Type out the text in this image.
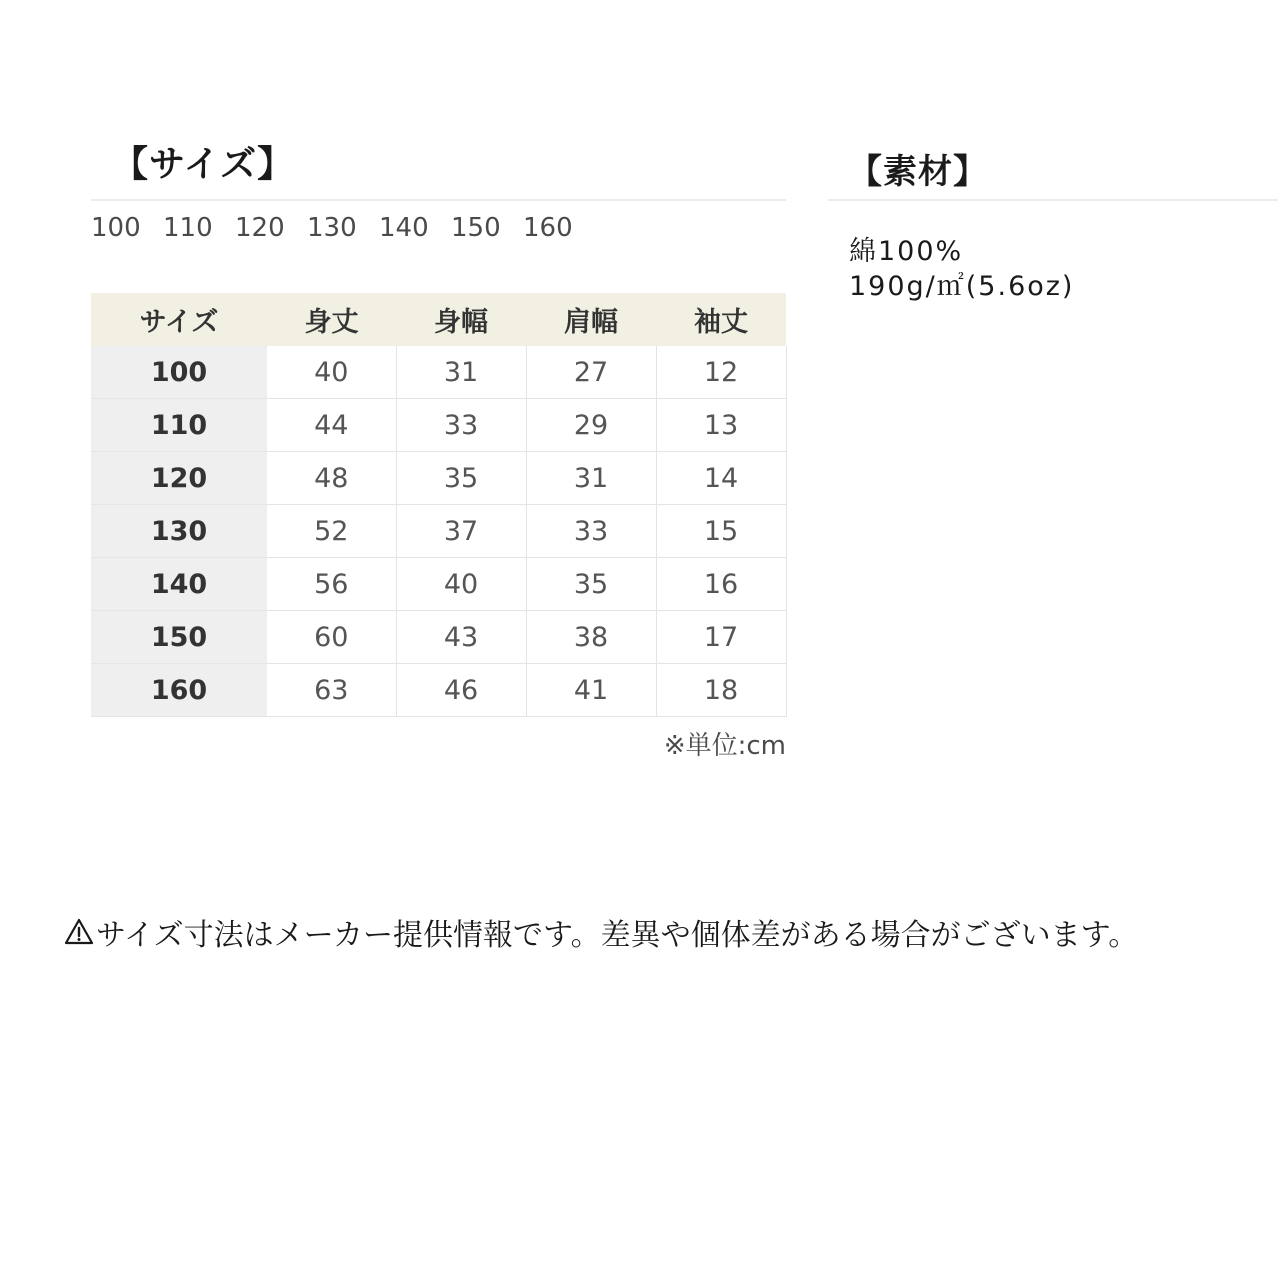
【サイズ】
100 110 120 130 140 150 160
【素材】
綿100%
190g/㎡(5.6oz)
サイズ	身丈	身幅	肩幅	袖丈
100	40	31	27	12
110	44	33	29	13
120	48	35	31	14
130	52	37	33	15
140	56	40	35	16
150	60	43	38	17
160	63	46	41	18
※単位:cm
サイズ寸法はメーカー提供情報です。差異や個体差がある場合がございます。
